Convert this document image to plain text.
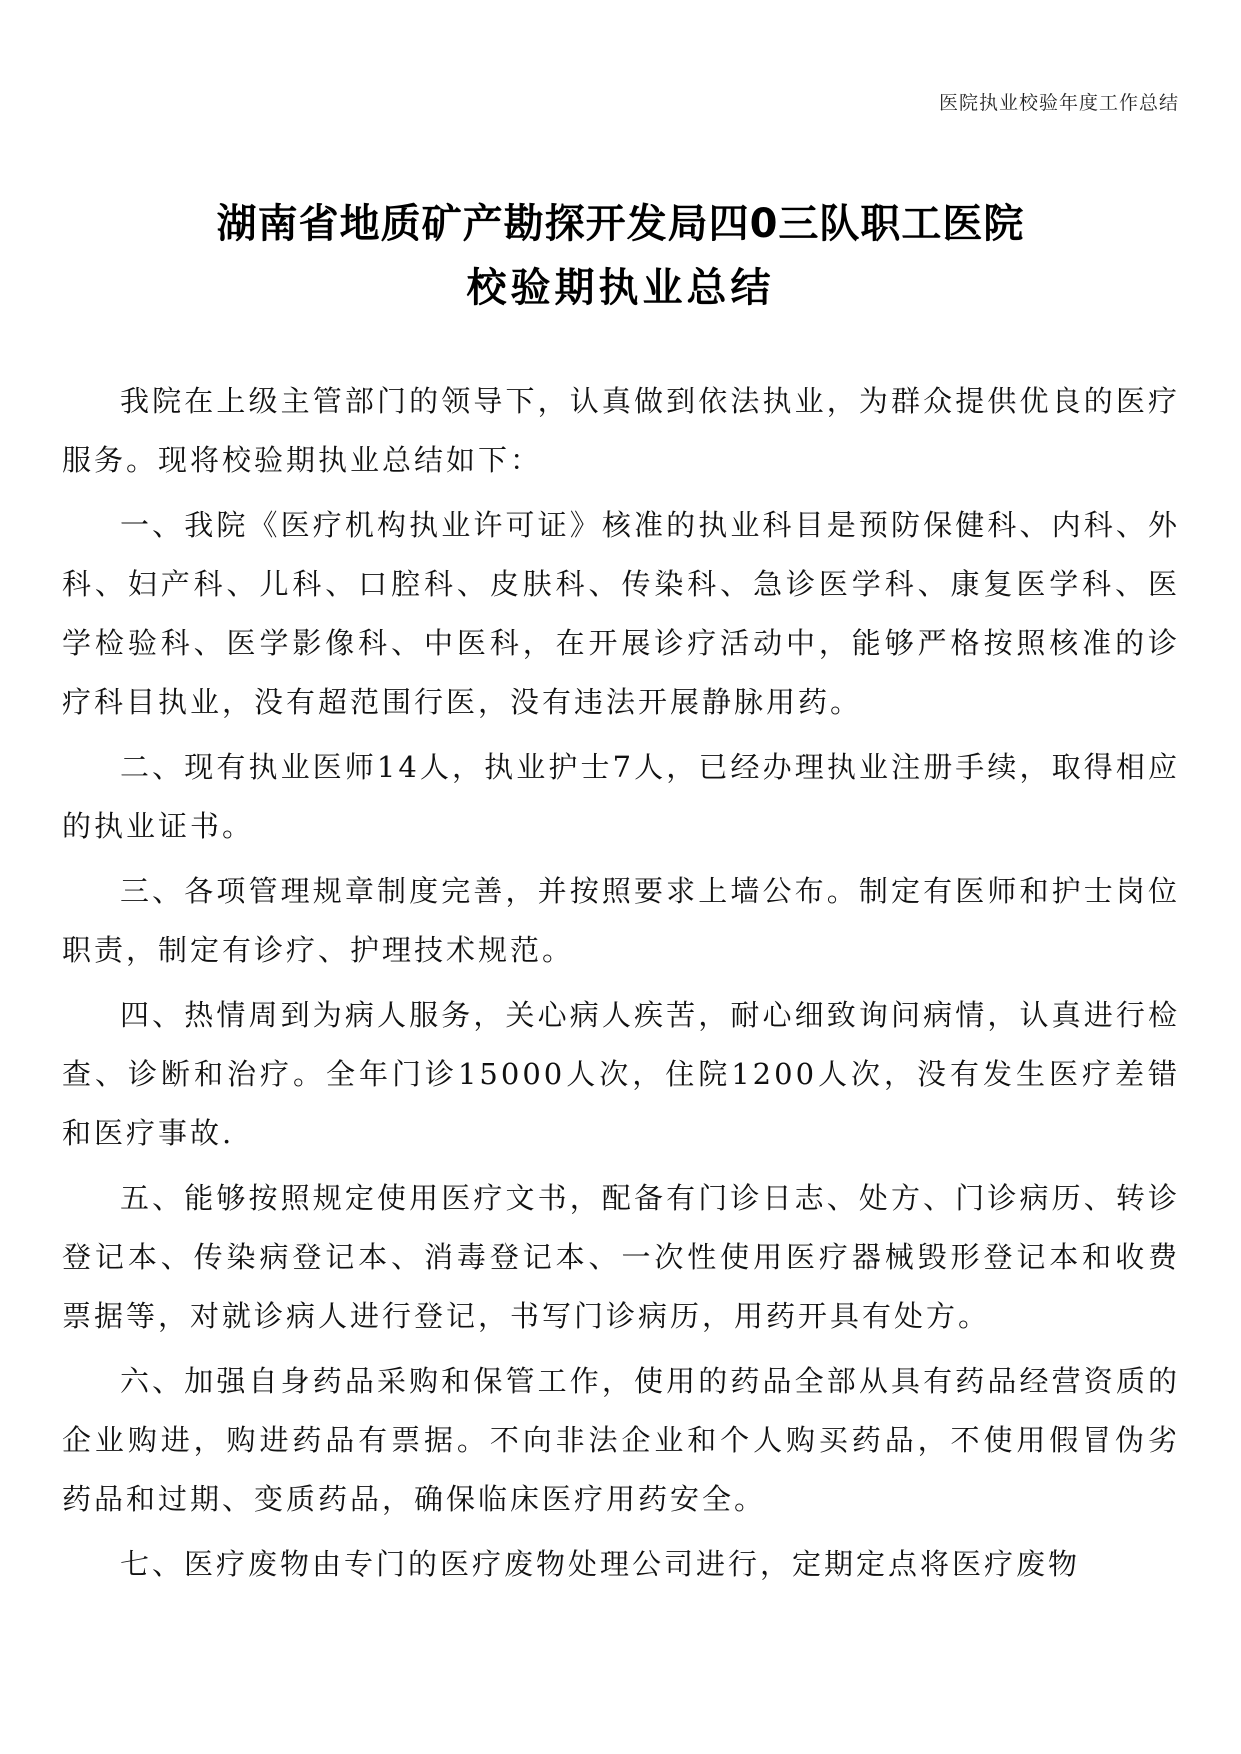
医院执业校验年度工作总结

湖南省地质矿产勘探开发局四0三队职工医院

校验期执业总结

我院在上级主管部门的领导下，认真做到依法执业，为群众提供优良的医疗服务。现将校验期执业总结如下：

一、我院《医疗机构执业许可证》核准的执业科目是预防保健科、内科、外科、妇产科、儿科、口腔科、皮肤科、传染科、急诊医学科、康复医学科、医学检验科、医学影像科、中医科，在开展诊疗活动中，能够严格按照核准的诊疗科目执业，没有超范围行医，没有违法开展静脉用药。

二、现有执业医师14人，执业护士7人，已经办理执业注册手续，取得相应的执业证书。

三、各项管理规章制度完善，并按照要求上墙公布。制定有医师和护士岗位职责，制定有诊疗、护理技术规范。

四、热情周到为病人服务，关心病人疾苦，耐心细致询问病情，认真进行检查、诊断和治疗。全年门诊15000人次，住院1200人次，没有发生医疗差错和医疗事故.

五、能够按照规定使用医疗文书，配备有门诊日志、处方、门诊病历、转诊登记本、传染病登记本、消毒登记本、一次性使用医疗器械毁形登记本和收费票据等，对就诊病人进行登记，书写门诊病历，用药开具有处方。

六、加强自身药品采购和保管工作，使用的药品全部从具有药品经营资质的企业购进，购进药品有票据。不向非法企业和个人购买药品，不使用假冒伪劣药品和过期、变质药品，确保临床医疗用药安全。

七、医疗废物由专门的医疗废物处理公司进行，定期定点将医疗废物
